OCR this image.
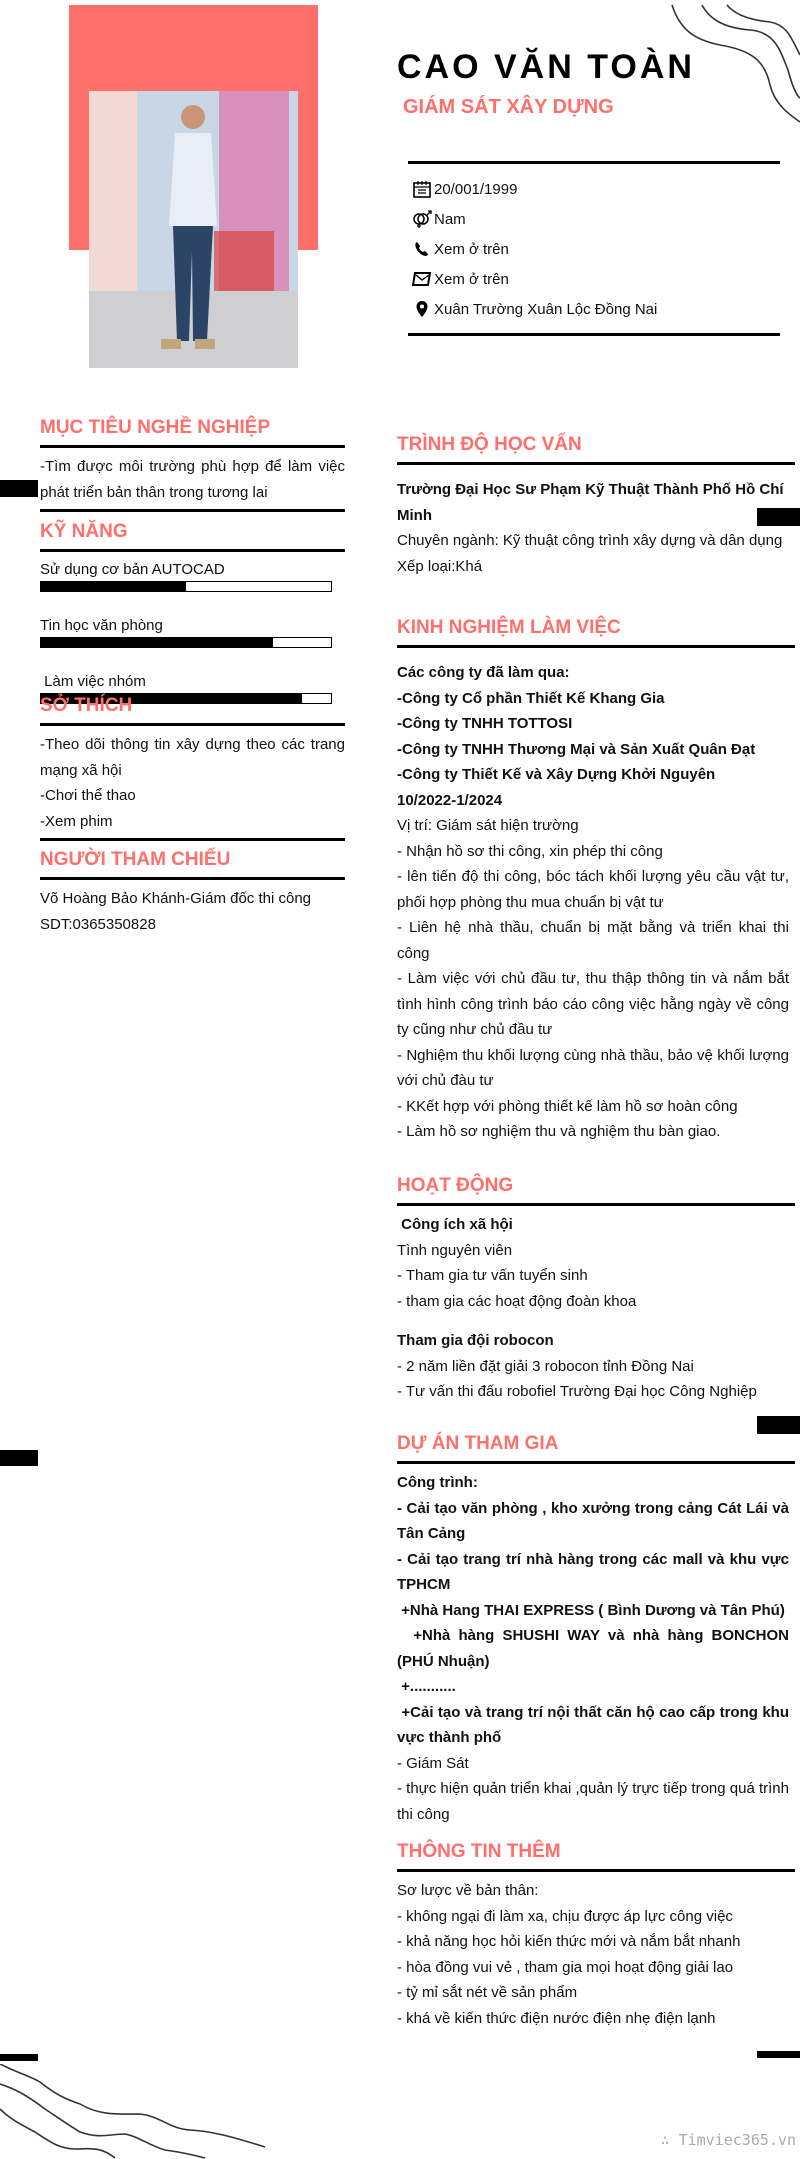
CAO VĂN TOÀN
GIÁM SÁT XÂY DỰNG
20/001/1999
Nam
Xem ở trên
Xem ở trên
Xuân Trường Xuân Lộc Đồng Nai
MỤC TIÊU NGHỀ NGHIỆP

-Tìm được môi trường phù hợp để làm việc phát triển bản thân trong tương lai

KỸ NĂNG
Sử dụng cơ bản AUTOCAD
Tin học văn phòng
Làm việc nhóm
SỞ THÍCH

-Theo dõi thông tin xây dựng theo các trang mạng xã hội

-Chơi thể thao

-Xem phim

NGƯỜI THAM CHIẾU

Võ Hoàng Bảo Khánh-Giám đốc thi công

SDT:0365350828

TRÌNH ĐỘ HỌC VẤN

Trường Đại Học Sư Phạm Kỹ Thuật Thành Phố Hồ Chí Minh

Chuyên ngành: Kỹ thuật công trình xây dựng và dân dụng

Xếp loại:Khá

KINH NGHIỆM LÀM VIỆC

Các công ty đã làm qua:

-Công ty Cổ phần Thiết Kế Khang Gia

-Công ty TNHH TOTTOSI

-Công ty TNHH Thương Mại và Sản Xuất Quân Đạt

-Công ty Thiết Kế và Xây Dựng Khởi Nguyên

10/2022-1/2024

Vị trí: Giám sát hiện trường

- Nhận hồ sơ thi công, xin phép thi công

- lên tiến độ thi công, bóc tách khối lượng yêu cầu vật tư, phối hợp phòng thu mua chuẩn bị vật tư

- Liên hệ nhà thầu, chuẩn bị mặt bằng và triển khai thi công

- Làm việc với chủ đầu tư, thu thập thông tin và nắm bắt tình hình công trình báo cáo công việc hằng ngày về công ty cũng như chủ đầu tư

- Nghiệm thu khối lượng cùng nhà thầu, bảo vệ khối lượng với chủ đàu tư

- KKết hợp với phòng thiết kế làm hồ sơ hoàn công

- Làm hồ sơ nghiệm thu và nghiệm thu bàn giao.

HOẠT ĐỘNG

Công ích xã hội

Tình nguyên viên

- Tham gia tư vấn tuyển sinh

- tham gia các hoạt động đoàn khoa

Tham gia đội robocon

- 2 năm liền đặt giải 3 robocon tỉnh Đồng Nai

- Tư vấn thi đấu robofiel Trường Đại học Công Nghiệp

DỰ ÁN THAM GIA

Công trình:

- Cải tạo văn phòng , kho xưởng trong cảng Cát Lái và Tân Cảng

- Cải tạo trang trí nhà hàng trong các mall và khu vực TPHCM

+Nhà Hang THAI EXPRESS ( Bình Dương và Tân Phú)

+Nhà hàng SHUSHI WAY và nhà hàng BONCHON (PHÚ Nhuận)

+...........

+Cải tạo và trang trí nội thất căn hộ cao cấp trong khu vực thành phố

- Giám Sát

- thực hiện quản triển khai ,quản lý trực tiếp trong quá trình thi công

THÔNG TIN THÊM

Sơ lược về bản thân:

- không ngại đi làm xa, chịu được áp lực công việc

- khả năng học hỏi kiến thức mới và nắm bắt nhanh

- hòa đồng vui vẻ , tham gia mọi hoạt động giải lao

- tỷ mỉ sắt nét về sản phẩm

- khá về kiến thức điện nước điện nhẹ điện lạnh

∴ Timviec365.vn
